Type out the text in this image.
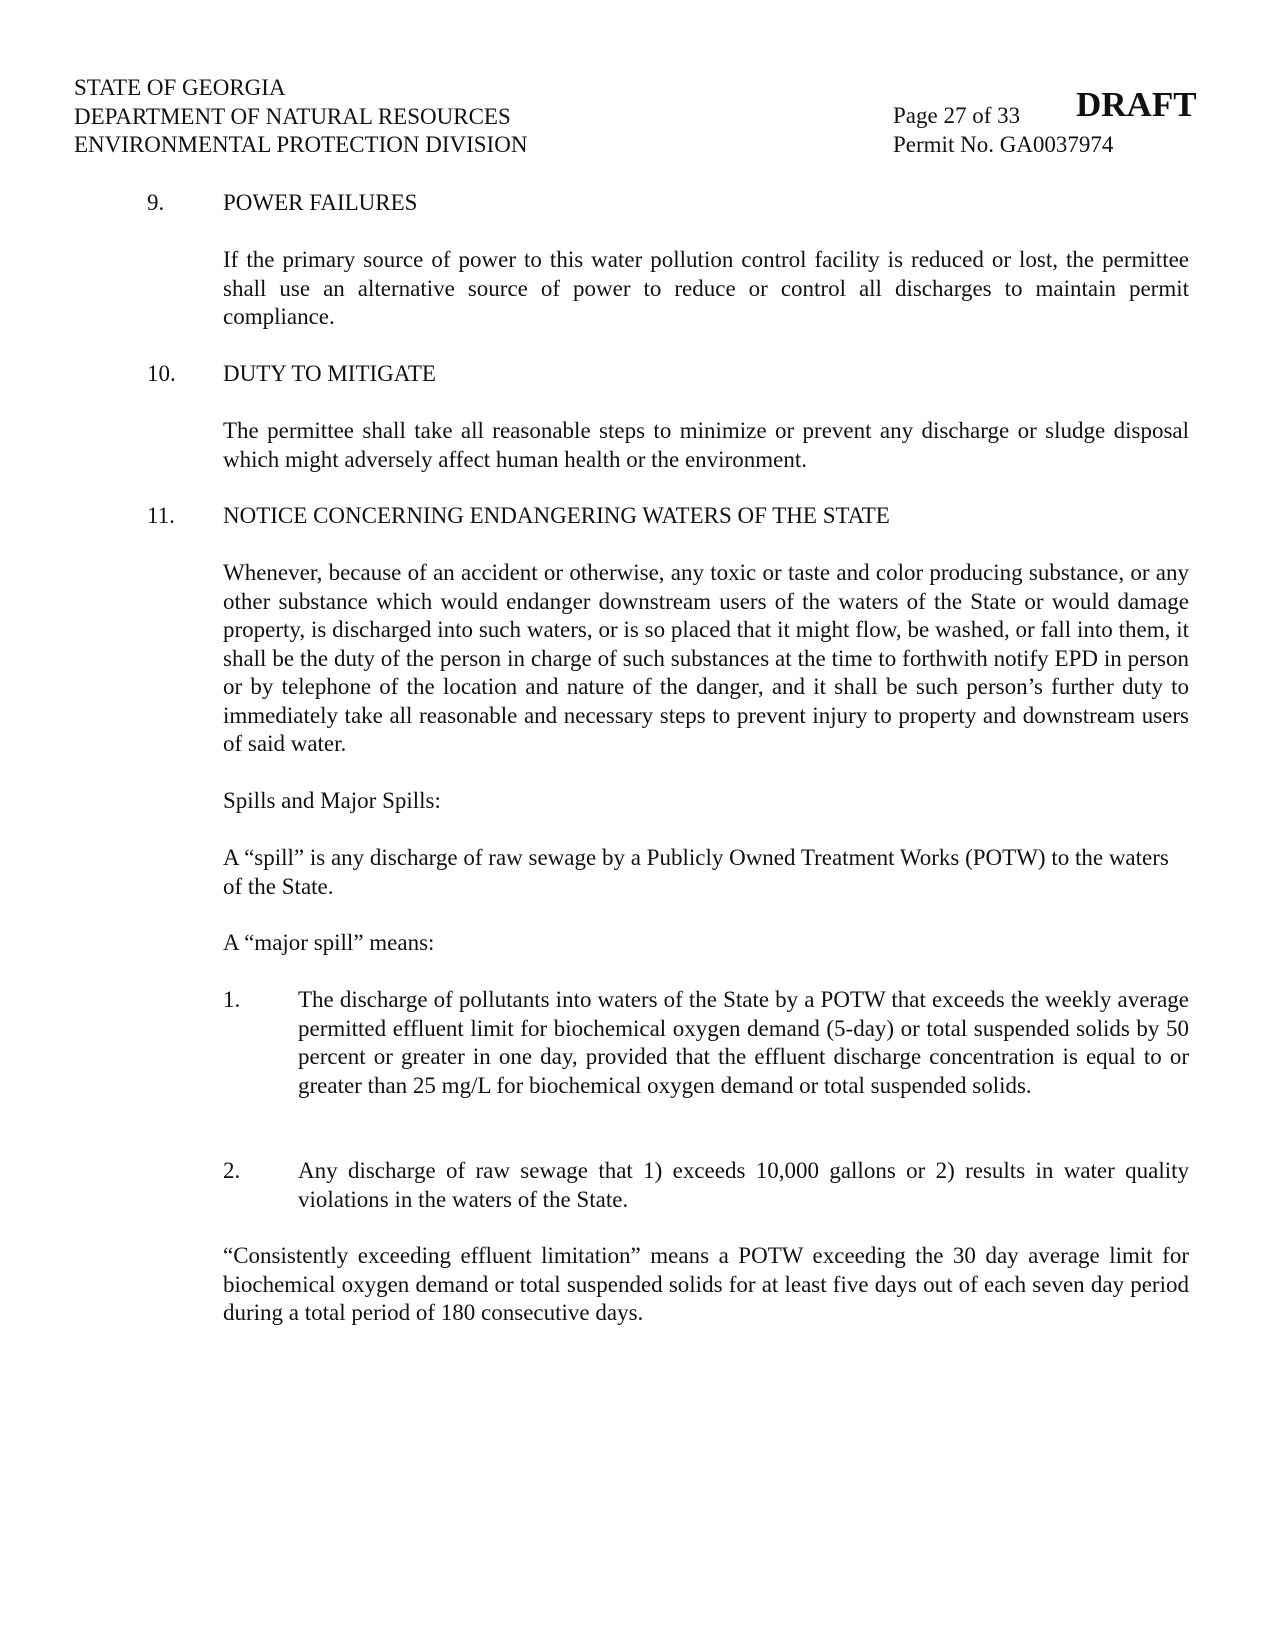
STATE OF GEORGIA
DEPARTMENT OF NATURAL RESOURCES
ENVIRONMENTAL PROTECTION DIVISION
Page 27 of 33
Permit No. GA0037974
DRAFT
9.	POWER FAILURES
If the primary source of power to this water pollution control facility is reduced or lost, the permittee shall use an alternative source of power to reduce or control all discharges to maintain permit compliance.
10. DUTY TO MITIGATE
The permittee shall take all reasonable steps to minimize or prevent any discharge or sludge disposal which might adversely affect human health or the environment.
11. NOTICE CONCERNING ENDANGERING WATERS OF THE STATE
Whenever, because of an accident or otherwise, any toxic or taste and color producing substance, or any other substance which would endanger downstream users of the waters of the State or would damage property, is discharged into such waters, or is so placed that it might flow, be washed, or fall into them, it shall be the duty of the person in charge of such substances at the time to forthwith notify EPD in person or by telephone of the location and nature of the danger, and it shall be such person’s further duty to immediately take all reasonable and necessary steps to prevent injury to property and downstream users of said water.
Spills and Major Spills:
A “spill” is any discharge of raw sewage by a Publicly Owned Treatment Works (POTW) to the waters of the State.
A “major spill” means:
1.	The discharge of pollutants into waters of the State by a POTW that exceeds the weekly average permitted effluent limit for biochemical oxygen demand (5-day) or total suspended solids by 50 percent or greater in one day, provided that the effluent discharge concentration is equal to or greater than 25 mg/L for biochemical oxygen demand or total suspended solids.
2.	Any discharge of raw sewage that 1) exceeds 10,000 gallons or 2) results in water quality violations in the waters of the State.
“Consistently exceeding effluent limitation” means a POTW exceeding the 30 day average limit for biochemical oxygen demand or total suspended solids for at least five days out of each seven day period during a total period of 180 consecutive days.
